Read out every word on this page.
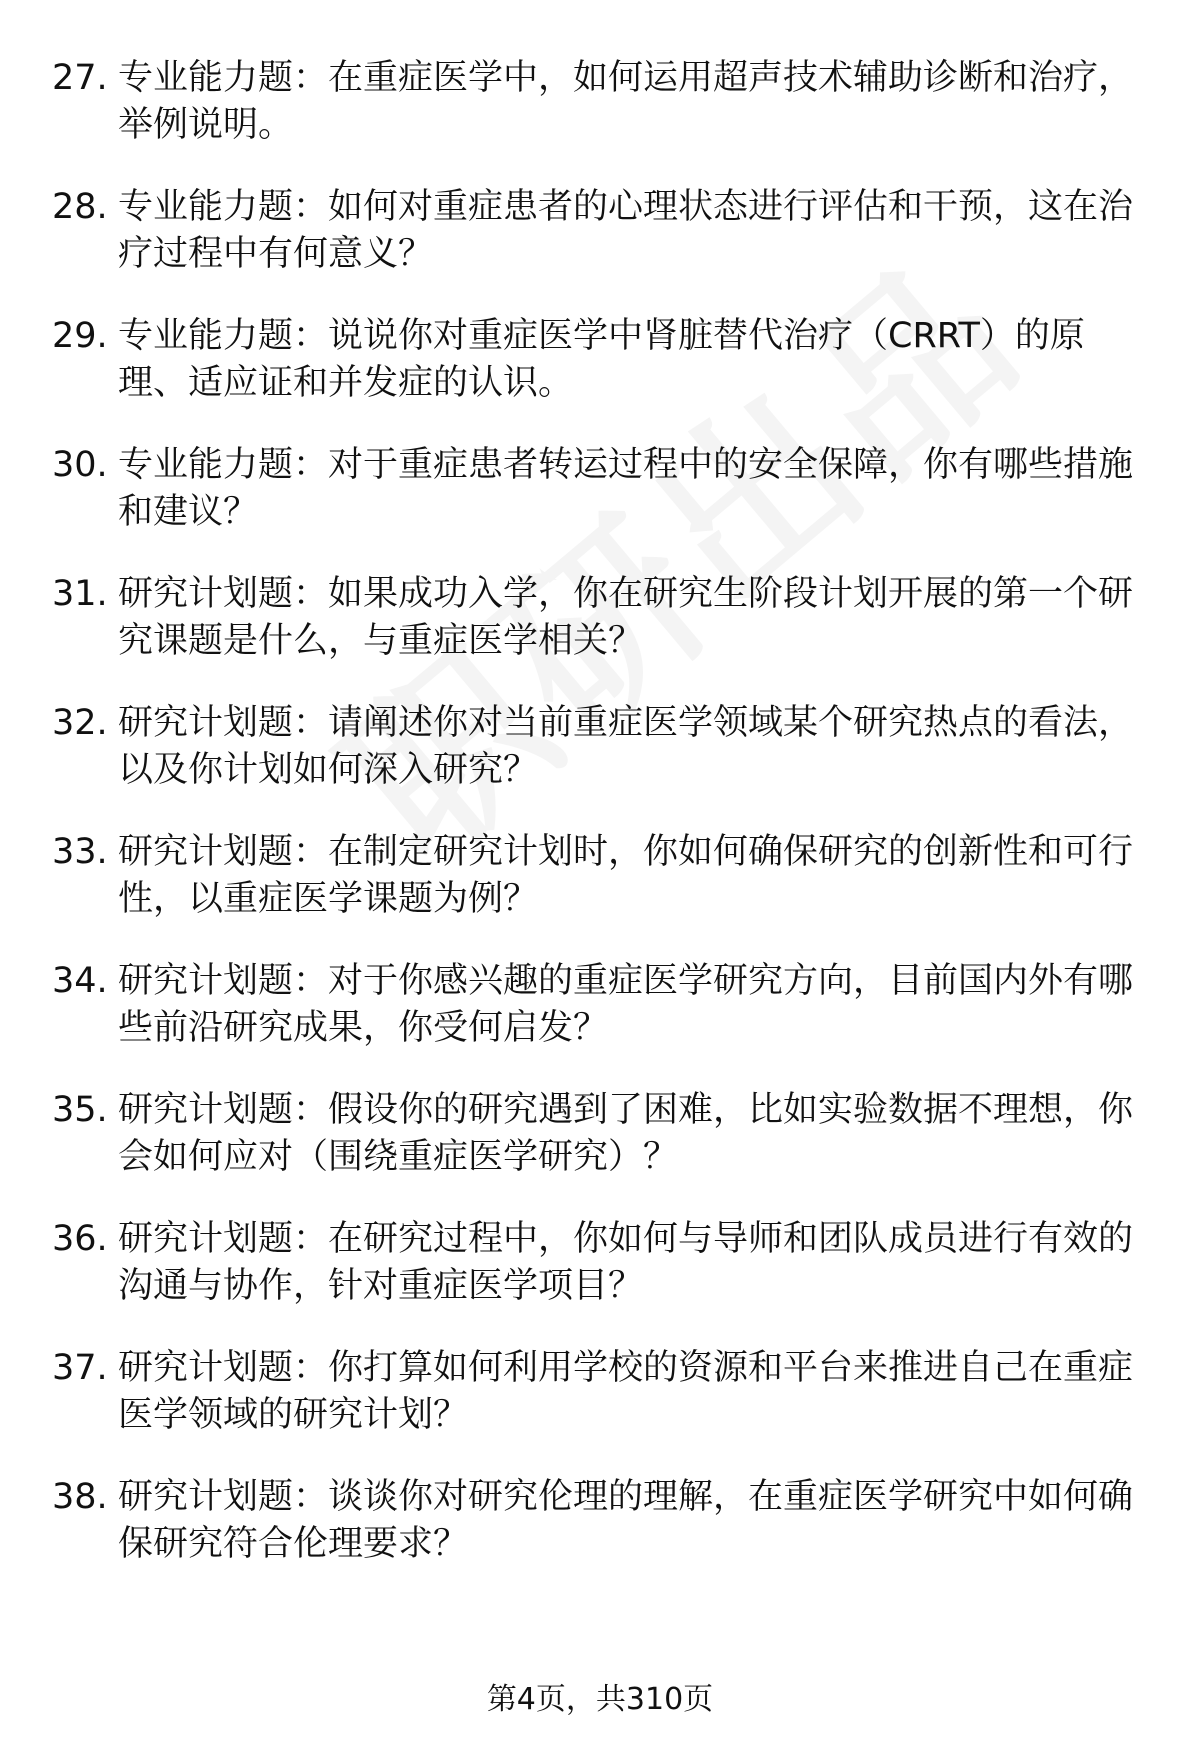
27. 专业能力题：在重症医学中，如何运用超声技术辅助诊断和治疗，举例说明。
28. 专业能力题：如何对重症患者的心理状态进行评估和干预，这在治疗过程中有何意义？
29. 专业能力题：说说你对重症医学中肾脏替代治疗（CRRT）的原理、适应证和并发症的认识。
30. 专业能力题：对于重症患者转运过程中的安全保障，你有哪些措施和建议？
31. 研究计划题：如果成功入学，你在研究生阶段计划开展的第一个研究课题是什么，与重症医学相关？
32. 研究计划题：请阐述你对当前重症医学领域某个研究热点的看法，以及你计划如何深入研究？
33. 研究计划题：在制定研究计划时，你如何确保研究的创新性和可行性，以重症医学课题为例？
34. 研究计划题：对于你感兴趣的重症医学研究方向，目前国内外有哪些前沿研究成果，你受何启发？
35. 研究计划题：假设你的研究遇到了困难，比如实验数据不理想，你会如何应对（围绕重症医学研究）？
36. 研究计划题：在研究过程中，你如何与导师和团队成员进行有效的沟通与协作，针对重症医学项目？
37. 研究计划题：你打算如何利用学校的资源和平台来推进自己在重症医学领域的研究计划？
38. 研究计划题：谈谈你对研究伦理的理解，在重症医学研究中如何确保研究符合伦理要求？
第4页，共310页
